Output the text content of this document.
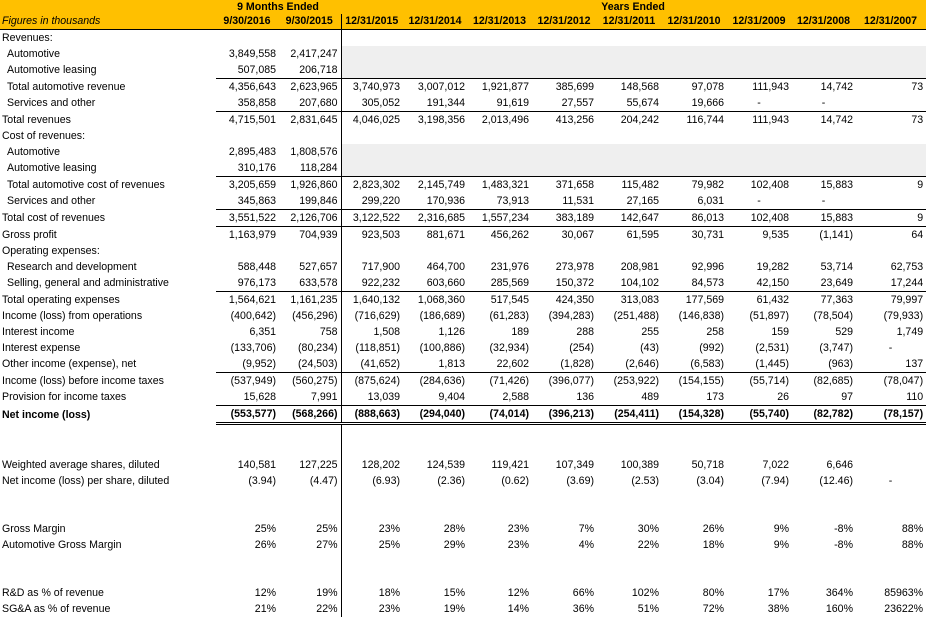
	9 Months Ended		Years Ended								
Figures in thousands	9/30/2016	9/30/2015	12/31/2015	12/31/2014	12/31/2013	12/31/2012	12/31/2011	12/31/2010	12/31/2009	12/31/2008	12/31/2007
Revenues:											
Automotive	3,849,558	2,417,247									
Automotive leasing	507,085	206,718									
Total automotive revenue	4,356,643	2,623,965	3,740,973	3,007,012	1,921,877	385,699	148,568	97,078	111,943	14,742	73
Services and other	358,858	207,680	305,052	191,344	91,619	27,557	55,674	19,666	-	-	
Total revenues	4,715,501	2,831,645	4,046,025	3,198,356	2,013,496	413,256	204,242	116,744	111,943	14,742	73
Cost of revenues:											
Automotive	2,895,483	1,808,576									
Automotive leasing	310,176	118,284									
Total automotive cost of revenues	3,205,659	1,926,860	2,823,302	2,145,749	1,483,321	371,658	115,482	79,982	102,408	15,883	9
Services and other	345,863	199,846	299,220	170,936	73,913	11,531	27,165	6,031	-	-	
Total cost of revenues	3,551,522	2,126,706	3,122,522	2,316,685	1,557,234	383,189	142,647	86,013	102,408	15,883	9
Gross profit	1,163,979	704,939	923,503	881,671	456,262	30,067	61,595	30,731	9,535	(1,141)	64
Operating expenses:											
Research and development	588,448	527,657	717,900	464,700	231,976	273,978	208,981	92,996	19,282	53,714	62,753
Selling, general and administrative	976,173	633,578	922,232	603,660	285,569	150,372	104,102	84,573	42,150	23,649	17,244
Total operating expenses	1,564,621	1,161,235	1,640,132	1,068,360	517,545	424,350	313,083	177,569	61,432	77,363	79,997
Income (loss) from operations	(400,642)	(456,296)	(716,629)	(186,689)	(61,283)	(394,283)	(251,488)	(146,838)	(51,897)	(78,504)	(79,933)
Interest income	6,351	758	1,508	1,126	189	288	255	258	159	529	1,749
Interest expense	(133,706)	(80,234)	(118,851)	(100,886)	(32,934)	(254)	(43)	(992)	(2,531)	(3,747)	-
Other income (expense), net	(9,952)	(24,503)	(41,652)	1,813	22,602	(1,828)	(2,646)	(6,583)	(1,445)	(963)	137
Income (loss) before income taxes	(537,949)	(560,275)	(875,624)	(284,636)	(71,426)	(396,077)	(253,922)	(154,155)	(55,714)	(82,685)	(78,047)
Provision for income taxes	15,628	7,991	13,039	9,404	2,588	136	489	173	26	97	110
Net income (loss)	(553,577)	(568,266)	(888,663)	(294,040)	(74,014)	(396,213)	(254,411)	(154,328)	(55,740)	(82,782)	(78,157)

Weighted average shares, diluted	140,581	127,225	128,202	124,539	119,421	107,349	100,389	50,718	7,022	6,646	
Net income (loss) per share, diluted	(3.94)	(4.47)	(6.93)	(2.36)	(0.62)	(3.69)	(2.53)	(3.04)	(7.94)	(12.46)	-

Gross Margin	25%	25%	23%	28%	23%	7%	30%	26%	9%	-8%	88%
Automotive Gross Margin	26%	27%	25%	29%	23%	4%	22%	18%	9%	-8%	88%

R&D as % of revenue	12%	19%	18%	15%	12%	66%	102%	80%	17%	364%	85963%
SG&A as % of revenue	21%	22%	23%	19%	14%	36%	51%	72%	38%	160%	23622%
